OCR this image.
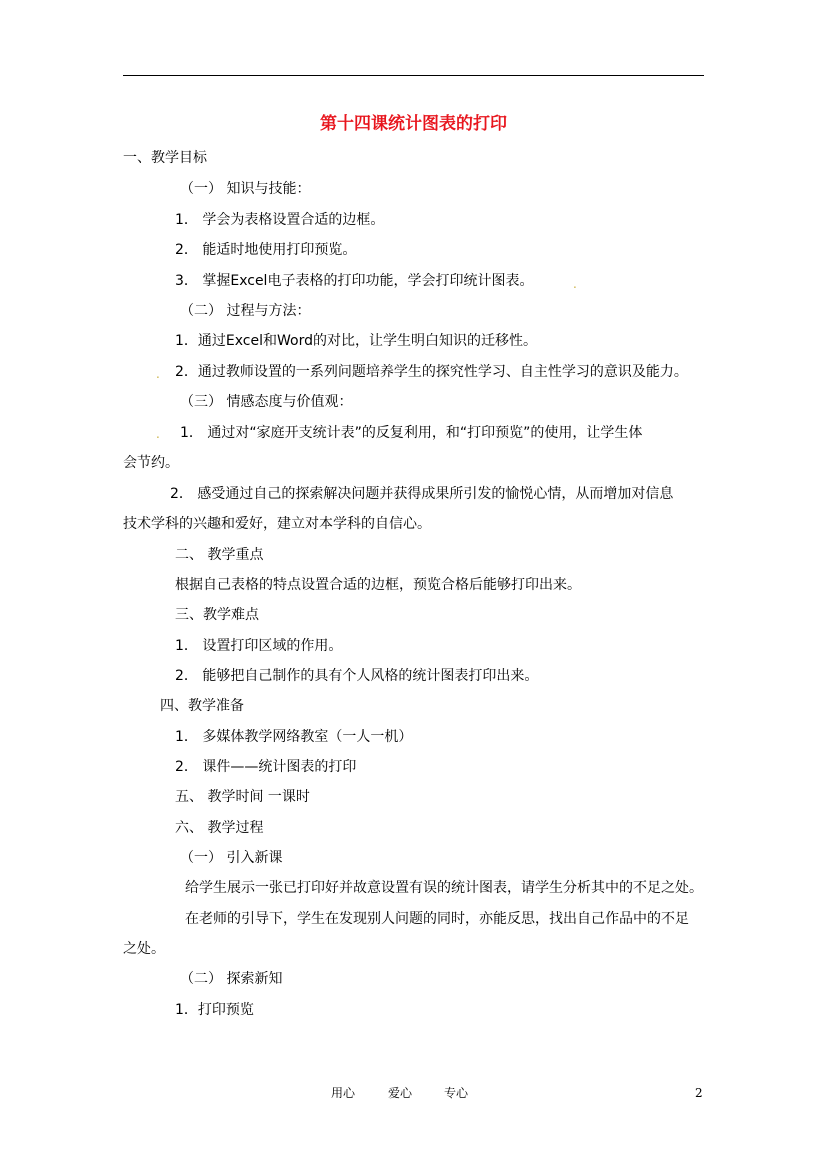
第十四课统计图表的打印
一、教学目标
（一） 知识与技能：
1． 学会为表格设置合适的边框。
2． 能适时地使用打印预览。
3． 掌握Excel电子表格的打印功能，学会打印统计图表。	.
（二） 过程与方法：
1．通过Excel和Word的对比，让学生明白知识的迁移性。
. 2．通过教师设置的一系列问题培养学生的探究性学习、自主性学习的意识及能力。
（三） 情感态度与价值观：
. 1． 通过对“家庭开支统计表”的反复利用，和“打印预览”的使用，让学生体
会节约。
2． 感受通过自己的探索解决问题并获得成果所引发的愉悦心情，从而增加对信息
技术学科的兴趣和爱好，建立对本学科的自信心。
二、 教学重点
根据自己表格的特点设置合适的边框，预览合格后能够打印出来。
三、教学难点
1． 设置打印区域的作用。
2． 能够把自己制作的具有个人风格的统计图表打印出来。
四、教学准备
1． 多媒体教学网络教室（一人一机）
2． 课件——统计图表的打印
五、 教学时间 一课时
六、 教学过程
（一） 引入新课
给学生展示一张已打印好并故意设置有误的统计图表，请学生分析其中的不足之处。
在老师的引导下，学生在发现别人问题的同时，亦能反思，找出自己作品中的不足
之处。
（二） 探索新知
1．打印预览
用心	爱心	专心	2
